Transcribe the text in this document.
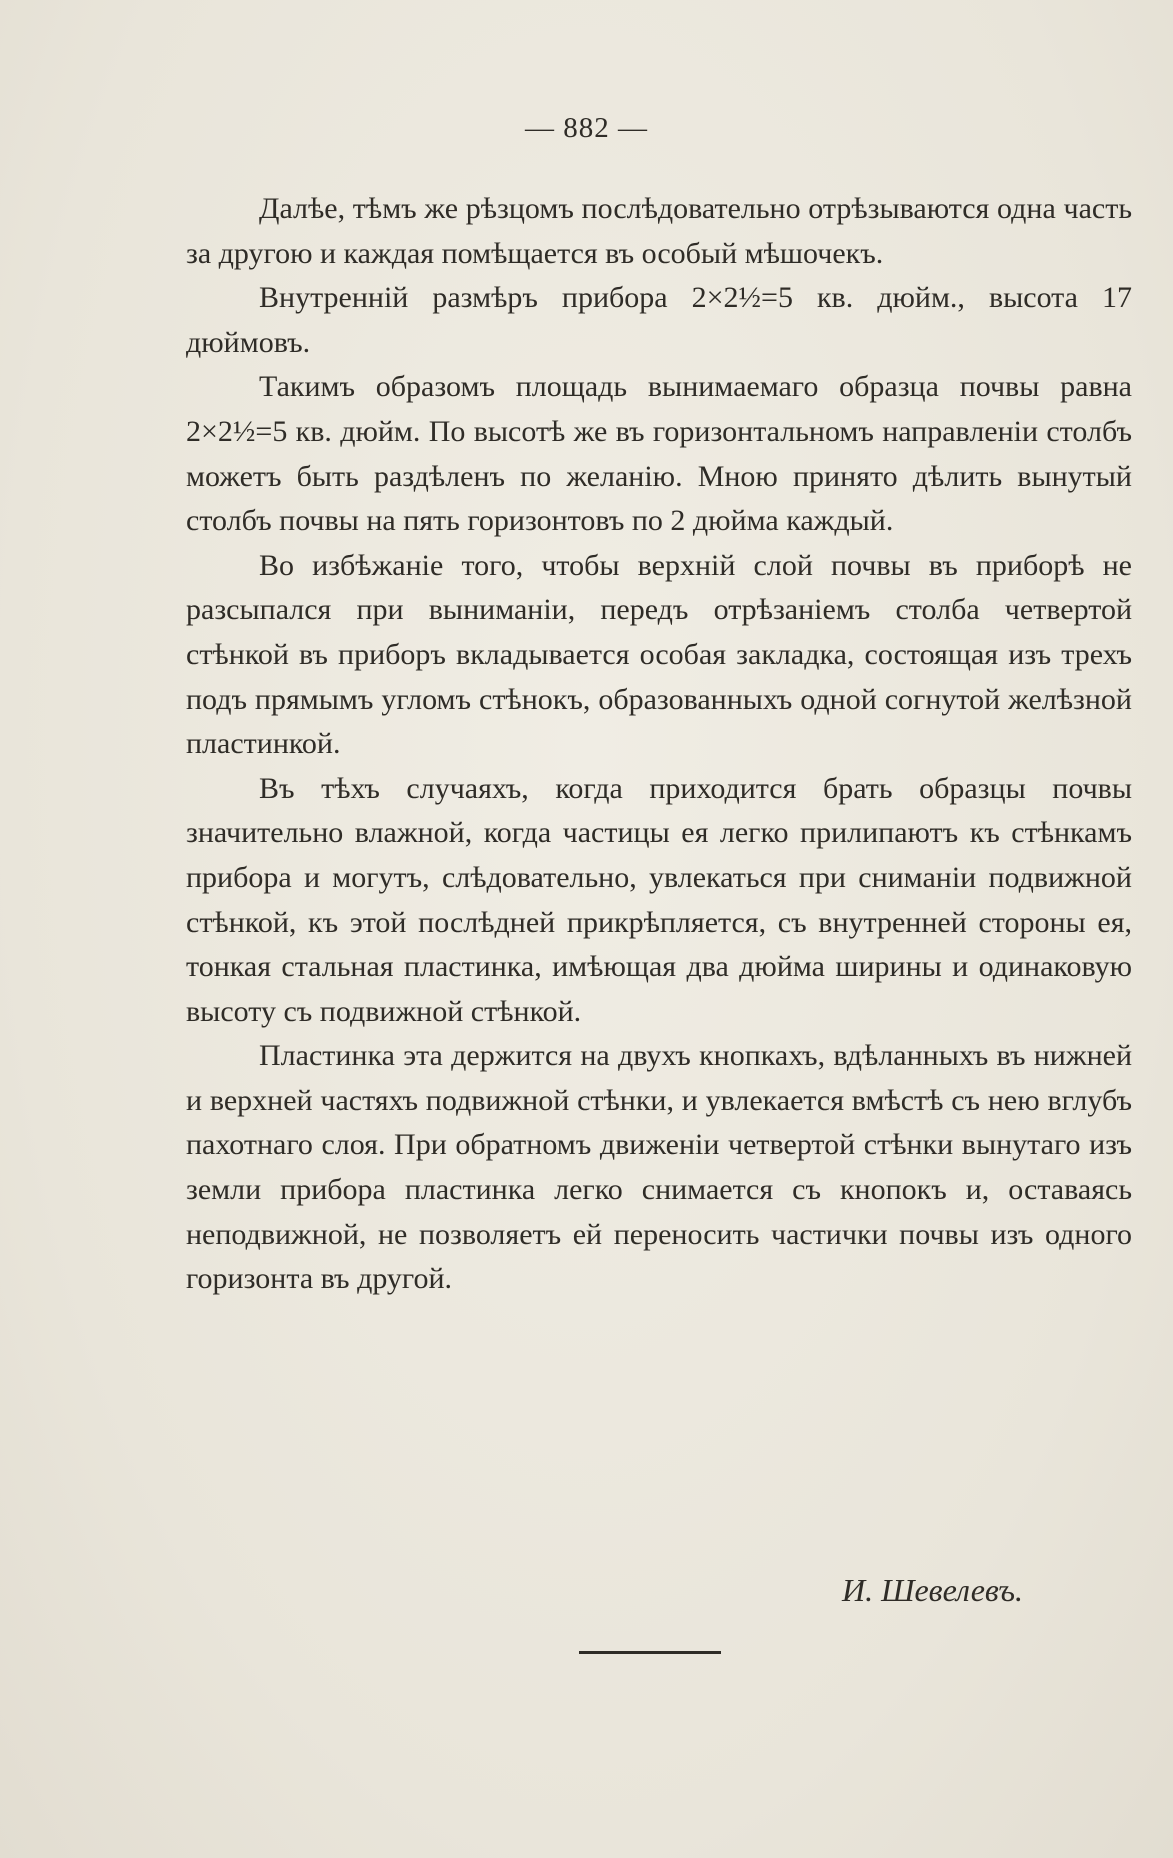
— 882 —

Далѣе, тѣмъ же рѣзцомъ послѣдовательно отрѣзываются одна часть за другою и каждая помѣщается въ особый мѣшочекъ.

Внутренній размѣръ прибора 2×2½=5 кв. дюйм., высота 17 дюймовъ.

Такимъ образомъ площадь вынимаемаго образца почвы равна 2×2½=5 кв. дюйм. По высотѣ же въ горизонтальномъ направленіи столбъ можетъ быть раздѣленъ по желанію. Мною принято дѣлить вынутый столбъ почвы на пять горизонтовъ по 2 дюйма каждый.

Во избѣжаніе того, чтобы верхній слой почвы въ приборѣ не разсыпался при выниманіи, передъ отрѣзаніемъ столба четвертой стѣнкой въ приборъ вкладывается особая закладка, состоящая изъ трехъ подъ прямымъ угломъ стѣнокъ, образованныхъ одной согнутой желѣзной пластинкой.

Въ тѣхъ случаяхъ, когда приходится брать образцы почвы значительно влажной, когда частицы ея легко прилипаютъ къ стѣнкамъ прибора и могутъ, слѣдовательно, увлекаться при сниманіи подвижной стѣнкой, къ этой послѣдней прикрѣпляется, съ внутренней стороны ея, тонкая стальная пластинка, имѣющая два дюйма ширины и одинаковую высоту съ подвижной стѣнкой.

Пластинка эта держится на двухъ кнопкахъ, вдѣланныхъ въ нижней и верхней частяхъ подвижной стѣнки, и увлекается вмѣстѣ съ нею вглубъ пахотнаго слоя. При обратномъ движеніи четвертой стѣнки вынутаго изъ земли прибора пластинка легко снимается съ кнопокъ и, оставаясь неподвижной, не позволяетъ ей переносить частички почвы изъ одного горизонта въ другой.

И. Шевелевъ.
